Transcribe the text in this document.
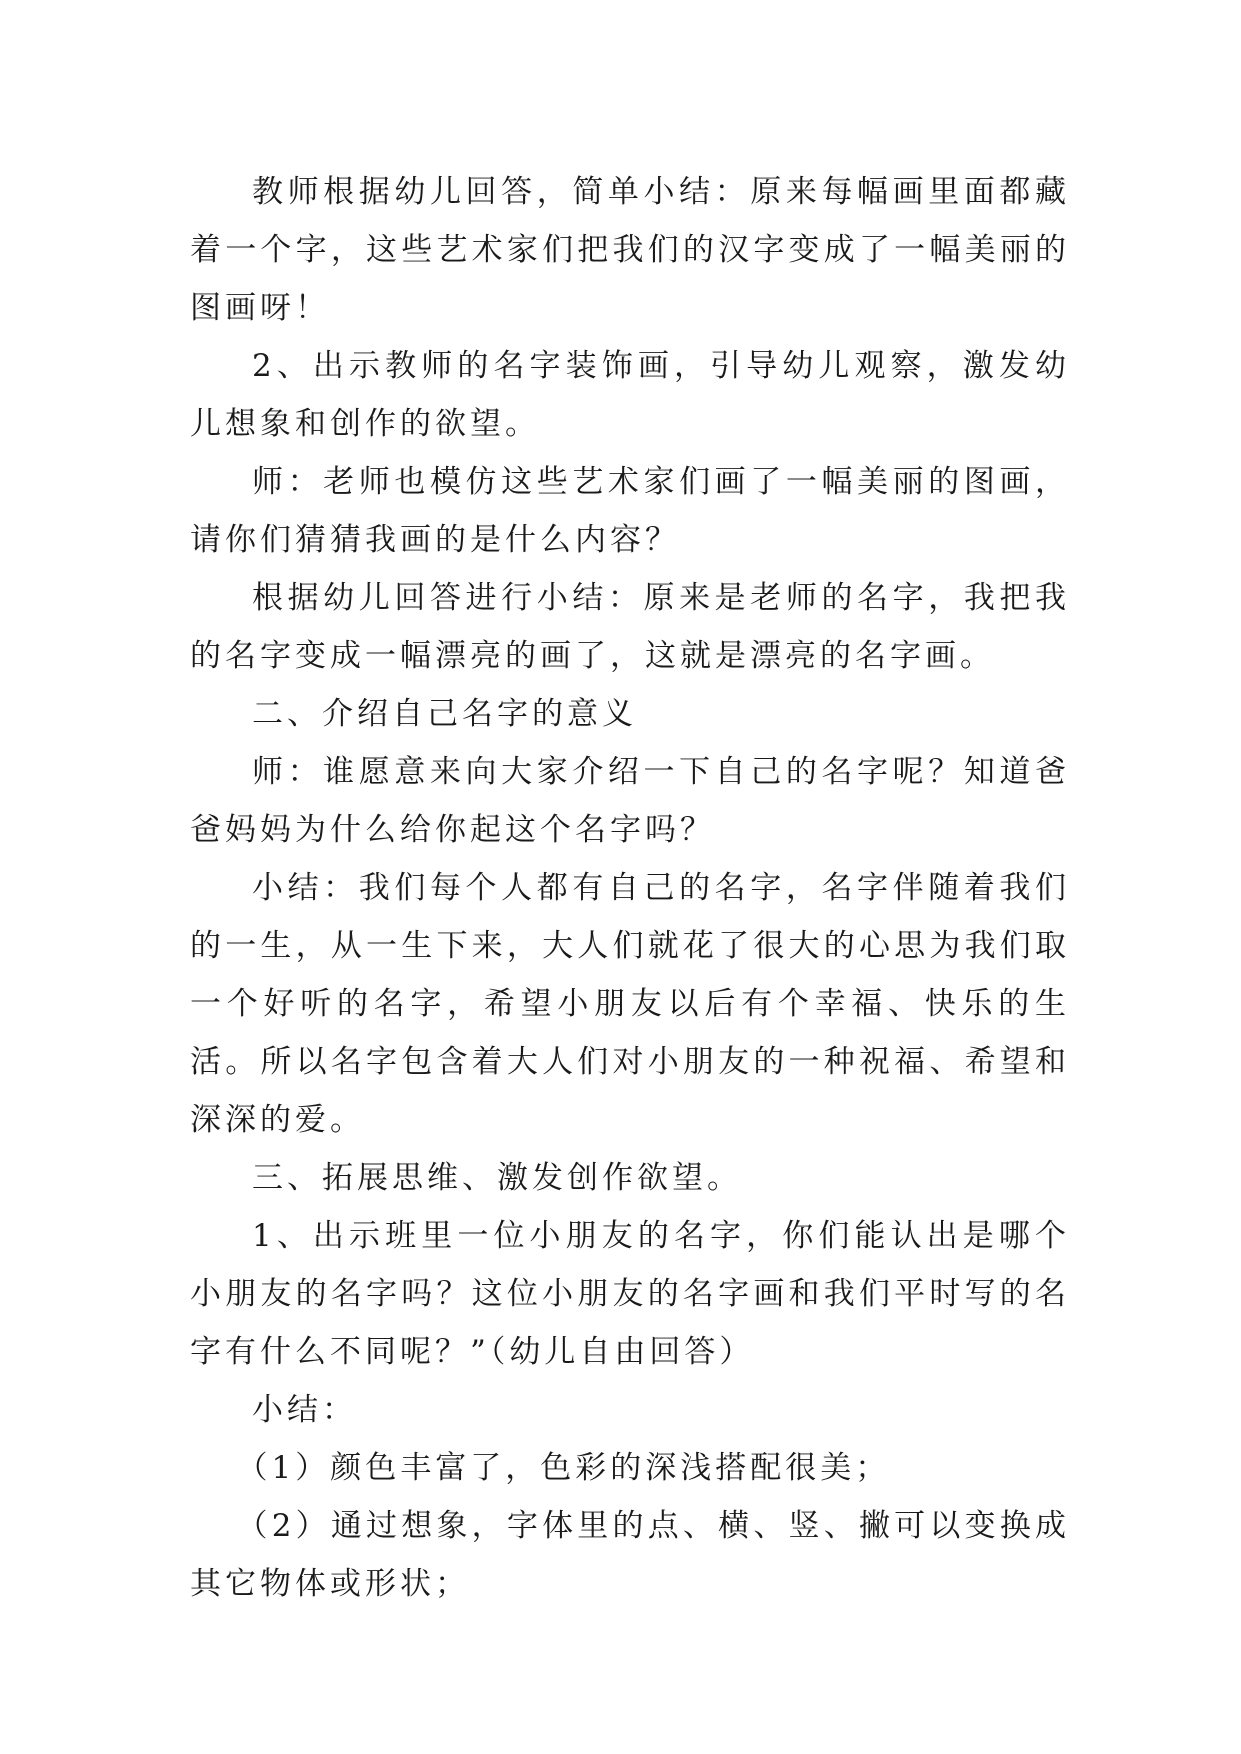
教师根据幼儿回答，简单小结：原来每幅画里面都藏着一个字，这些艺术家们把我们的汉字变成了一幅美丽的图画呀！

2、出示教师的名字装饰画，引导幼儿观察，激发幼儿想象和创作的欲望。

师：老师也模仿这些艺术家们画了一幅美丽的图画，请你们猜猜我画的是什么内容？

根据幼儿回答进行小结：原来是老师的名字，我把我的名字变成一幅漂亮的画了，这就是漂亮的名字画。

二、介绍自己名字的意义

师：谁愿意来向大家介绍一下自己的名字呢？知道爸爸妈妈为什么给你起这个名字吗？

小结：我们每个人都有自己的名字，名字伴随着我们的一生，从一生下来，大人们就花了很大的心思为我们取一个好听的名字，希望小朋友以后有个幸福、快乐的生活。所以名字包含着大人们对小朋友的一种祝福、希望和深深的爱。

三、拓展思维、激发创作欲望。

1、出示班里一位小朋友的名字，你们能认出是哪个小朋友的名字吗？这位小朋友的名字画和我们平时写的名字有什么不同呢？”（幼儿自由回答）

小结：

（1）颜色丰富了，色彩的深浅搭配很美；

（2）通过想象，字体里的点、横、竖、撇可以变换成其它物体或形状；
